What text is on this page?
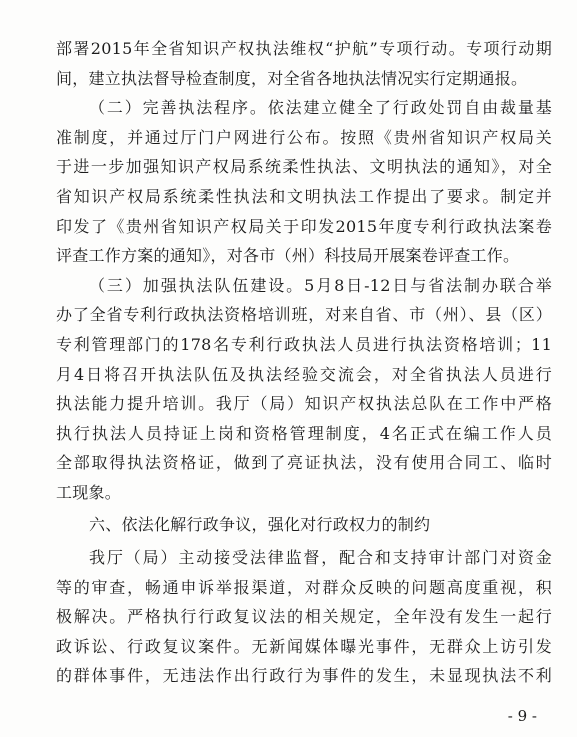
部署2015年全省知识产权执法维权“护航”专项行动。专项行动期
间，建立执法督导检查制度，对全省各地执法情况实行定期通报。
（二）完善执法程序。依法建立健全了行政处罚自由裁量基
准制度，并通过厅门户网进行公布。按照《贵州省知识产权局关
于进一步加强知识产权局系统柔性执法、文明执法的通知》，对全
省知识产权局系统柔性执法和文明执法工作提出了要求。制定并
印发了《贵州省知识产权局关于印发2015年度专利行政执法案卷
评查工作方案的通知》，对各市（州）科技局开展案卷评查工作。
（三）加强执法队伍建设。5月8日-12日与省法制办联合举
办了全省专利行政执法资格培训班，对来自省、市（州）、县（区）
专利管理部门的178名专利行政执法人员进行执法资格培训；11
月4日将召开执法队伍及执法经验交流会，对全省执法人员进行
执法能力提升培训。我厅（局）知识产权执法总队在工作中严格
执行执法人员持证上岗和资格管理制度，4名正式在编工作人员
全部取得执法资格证，做到了亮证执法，没有使用合同工、临时
工现象。
六、依法化解行政争议，强化对行政权力的制约
我厅（局）主动接受法律监督，配合和支持审计部门对资金
等的审查，畅通申诉举报渠道，对群众反映的问题高度重视，积
极解决。严格执行行政复议法的相关规定，全年没有发生一起行
政诉讼、行政复议案件。无新闻媒体曝光事件，无群众上访引发
的群体事件，无违法作出行政行为事件的发生，未显现执法不利
- 9 -
